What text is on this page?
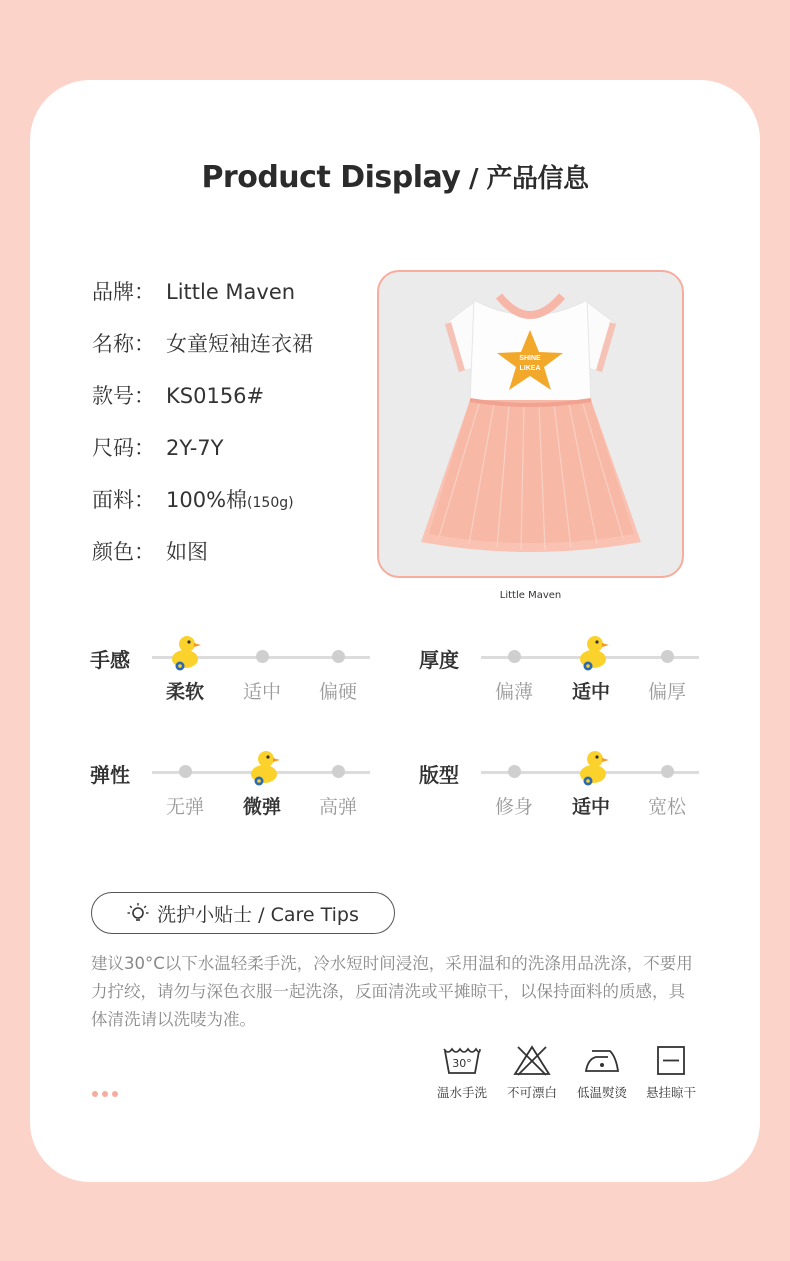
Product Display / 产品信息
品牌： Little Maven
名称： 女童短袖连衣裙
款号： KS0156#
尺码： 2Y-7Y
面料： 100%棉(150g)
颜色： 如图
SHINE
LIKEA
Little Maven
手感
柔软	适中	偏硬
厚度
偏薄	适中	偏厚
弹性
无弹	微弹	高弹
版型
修身	适中	宽松
洗护小贴士 / Care Tips
建议30°C以下水温轻柔手洗，冷水短时间浸泡，采用温和的洗涤用品洗涤，不要用力拧绞，请勿与深色衣服一起洗涤，反面清洗或平摊晾干，以保持面料的质感，具体清洗请以洗唛为准。
30°
温水手洗	不可漂白	低温熨烫	悬挂晾干
